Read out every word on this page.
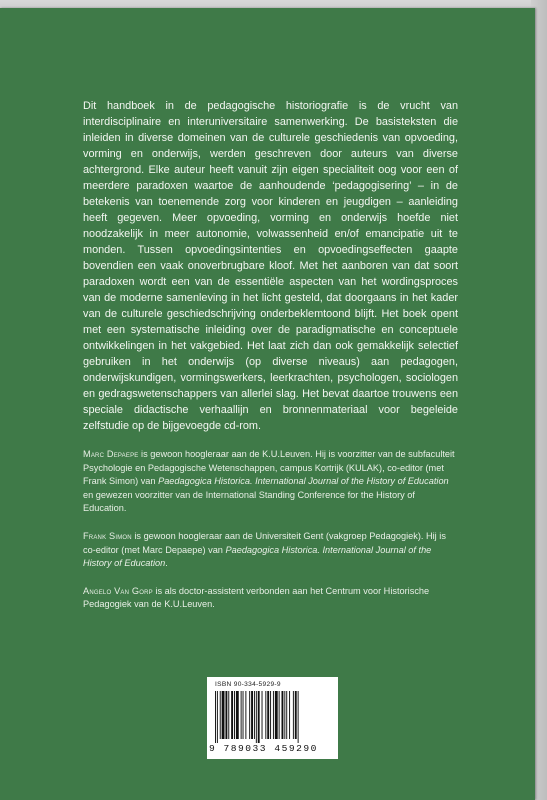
Dit handboek in de pedagogische historiografie is de vrucht van interdisciplinaire en interuniversitaire samenwerking. De basisteksten die inleiden in diverse domeinen van de culturele geschiedenis van opvoeding, vorming en onderwijs, werden geschreven door auteurs van diverse achtergrond. Elke auteur heeft vanuit zijn eigen specialiteit oog voor een of meerdere paradoxen waartoe de aanhoudende ‘pedagogisering’ – in de betekenis van toenemende zorg voor kinderen en jeugdigen – aanleiding heeft gegeven. Meer opvoeding, vorming en onderwijs hoefde niet noodzakelijk in meer autonomie, volwassenheid en/of emancipatie uit te monden. Tussen opvoedingsintenties en opvoedingseffecten gaapte bovendien een vaak onoverbrugbare kloof. Met het aanboren van dat soort paradoxen wordt een van de essentiële aspecten van het wordingsproces van de moderne samenleving in het licht gesteld, dat doorgaans in het kader van de culturele geschiedschrijving onderbeklemtoond blijft. Het boek opent met een systematische inleiding over de paradigmatische en conceptuele ontwikkelingen in het vakgebied. Het laat zich dan ook gemakkelijk selectief gebruiken in het onderwijs (op diverse niveaus) aan pedagogen, onderwijskundigen, vormingswerkers, leerkrachten, psychologen, sociologen en gedragswetenschappers van allerlei slag. Het bevat daartoe trouwens een speciale didactische verhaallijn en bronnenmateriaal voor begeleide zelfstudie op de bijgevoegde cd-rom.

Marc Depaepe is gewoon hoogleraar aan de K.U.Leuven. Hij is voorzitter van de subfaculteit Psychologie en Pedagogische Wetenschappen, campus Kortrijk (KULAK), co-editor (met Frank Simon) van Paedagogica Historica. International Journal of the History of Education en gewezen voorzitter van de International Standing Conference for the History of Education.

Frank Simon is gewoon hoogleraar aan de Universiteit Gent (vakgroep Pedagogiek). Hij is co-editor (met Marc Depaepe) van Paedagogica Historica. International Journal of the History of Education.

Angelo Van Gorp is als doctor-assistent verbonden aan het Centrum voor Historische Pedagogiek van de K.U.Leuven.

ISBN 90-334-5929-9
9 789033 459290
